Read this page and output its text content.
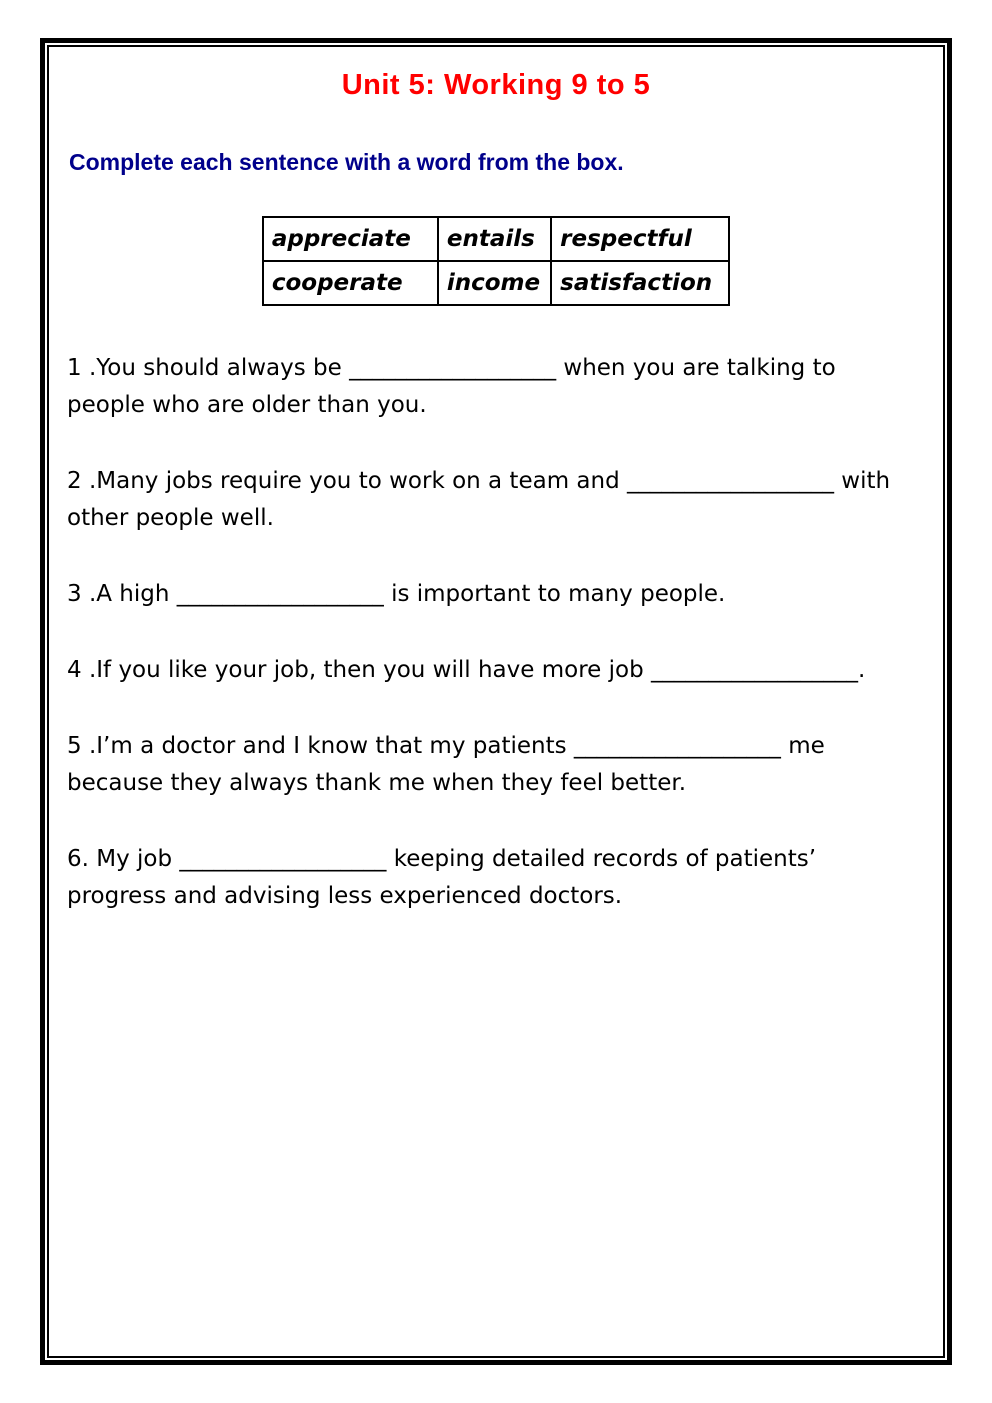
Unit 5: Working 9 to 5

Complete each sentence with a word from the box.

appreciate	entails	respectful
cooperate	income	satisfaction
1 .You should always be __________________ when you are talking to
people who are older than you.
2 .Many jobs require you to work on a team and __________________ with
other people well.
3 .A high __________________ is important to many people.
4 .If you like your job, then you will have more job __________________.
5 .I’m a doctor and I know that my patients __________________ me
because they always thank me when they feel better.
6. My job __________________ keeping detailed records of patients’
progress and advising less experienced doctors.
